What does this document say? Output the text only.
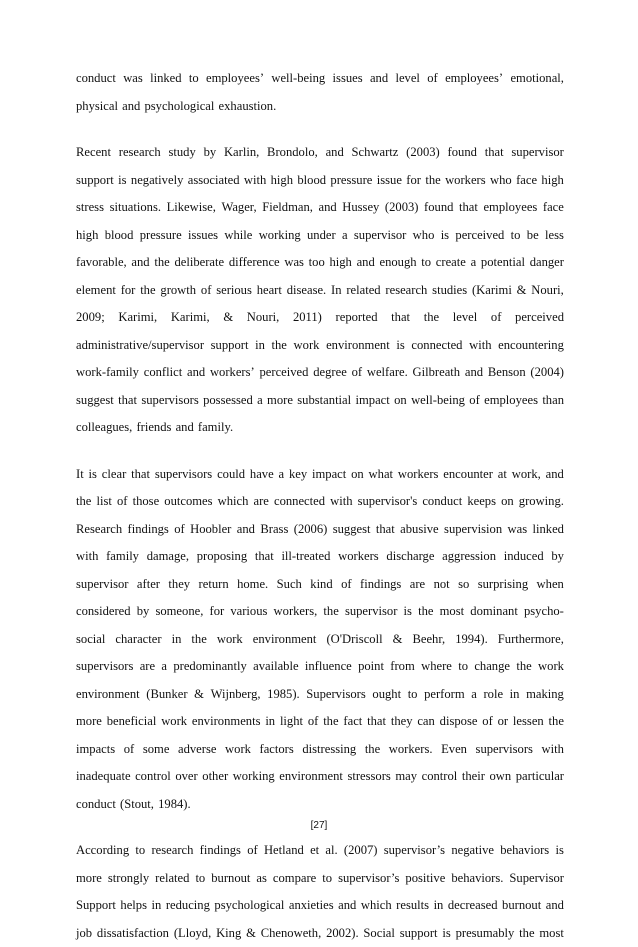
conduct was linked to employees’ well-being issues and level of employees’ emotional,
physical and psychological exhaustion.

Recent research study by Karlin, Brondolo, and Schwartz (2003) found that supervisor
support is negatively associated with high blood pressure issue for the workers who face high
stress situations. Likewise, Wager, Fieldman, and Hussey (2003) found that employees face
high blood pressure issues while working under a supervisor who is perceived to be less
favorable, and the deliberate difference was too high and enough to create a potential danger
element for the growth of serious heart disease. In related research studies (Karimi & Nouri,
2009; Karimi, Karimi, & Nouri, 2011) reported that the level of perceived
administrative/supervisor support in the work environment is connected with encountering
work-family conflict and workers’ perceived degree of welfare. Gilbreath and Benson (2004)
suggest that supervisors possessed a more substantial impact on well-being of employees than
colleagues, friends and family.

It is clear that supervisors could have a key impact on what workers encounter at work, and
the list of those outcomes which are connected with supervisor's conduct keeps on growing.
Research findings of Hoobler and Brass (2006) suggest that abusive supervision was linked
with family damage, proposing that ill-treated workers discharge aggression induced by
supervisor after they return home. Such kind of findings are not so surprising when
considered by someone, for various workers, the supervisor is the most dominant psycho-
social character in the work environment (O'Driscoll & Beehr, 1994). Furthermore,
supervisors are a predominantly available influence point from where to change the work
environment (Bunker & Wijnberg, 1985). Supervisors ought to perform a role in making
more beneficial work environments in light of the fact that they can dispose of or lessen the
impacts of some adverse work factors distressing the workers. Even supervisors with
inadequate control over other working environment stressors may control their own particular
conduct (Stout, 1984).

According to research findings of Hetland et al. (2007) supervisor’s negative behaviors is
more strongly related to burnout as compare to supervisor’s positive behaviors. Supervisor
Support helps in reducing psychological anxieties and which results in decreased burnout and
job dissatisfaction (Lloyd, King & Chenoweth, 2002). Social support is presumably the most

[27]
